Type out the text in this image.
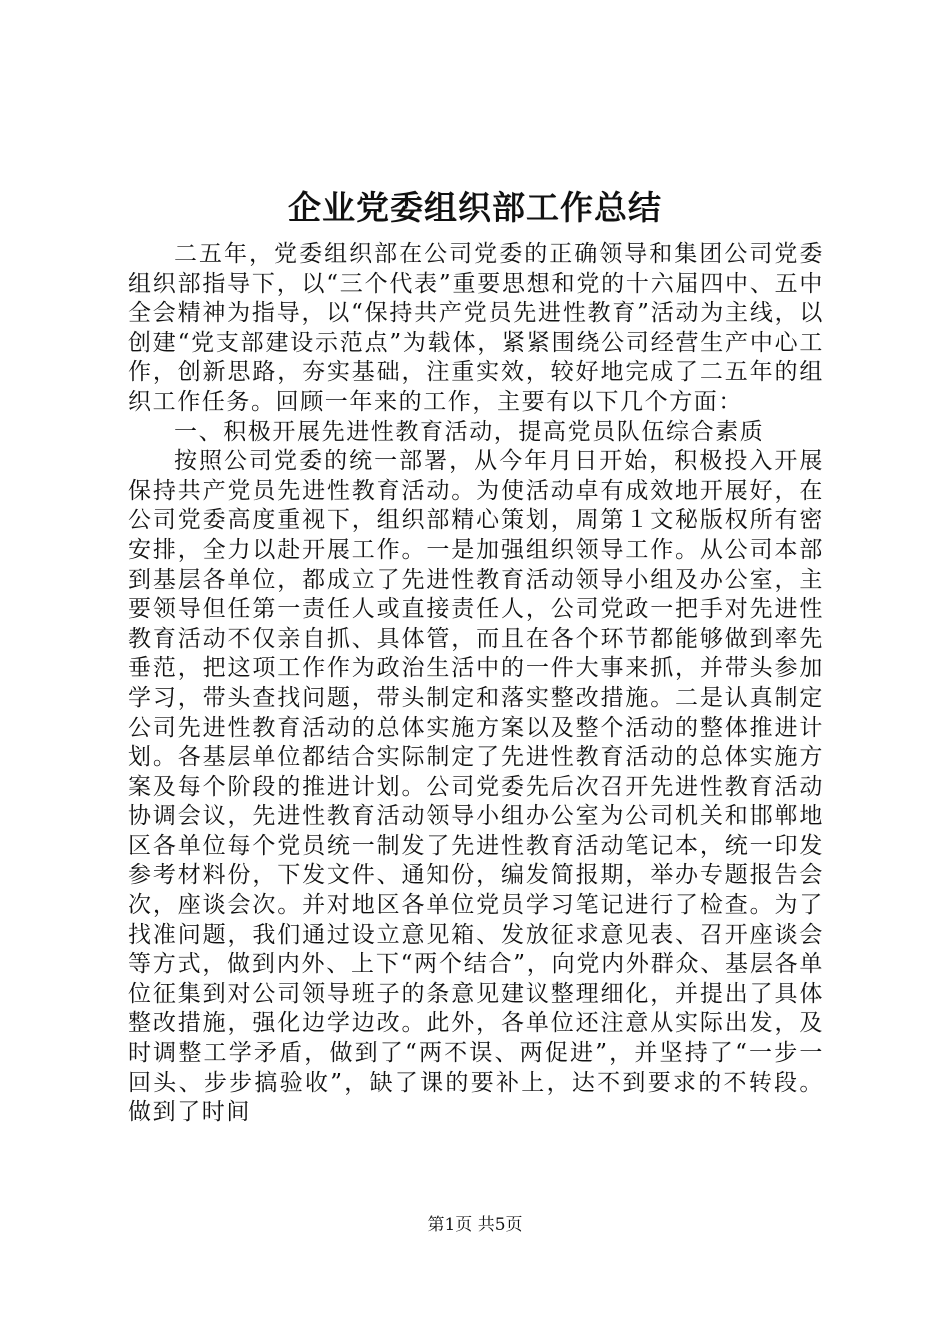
企业党委组织部工作总结

二五年，党委组织部在公司党委的正确领导和集团公司党委组织部指导下，以“三个代表”重要思想和党的十六届四中、五中全会精神为指导，以“保持共产党员先进性教育”活动为主线，以创建“党支部建设示范点”为载体，紧紧围绕公司经营生产中心工作，创新思路，夯实基础，注重实效，较好地完成了二五年的组织工作任务。回顾一年来的工作，主要有以下几个方面：

一、积极开展先进性教育活动，提高党员队伍综合素质

按照公司党委的统一部署，从今年月日开始，积极投入开展保持共产党员先进性教育活动。为使活动卓有成效地开展好，在公司党委高度重视下，组织部精心策划，周第１文秘版权所有密安排，全力以赴开展工作。一是加强组织领导工作。从公司本部到基层各单位，都成立了先进性教育活动领导小组及办公室，主要领导但任第一责任人或直接责任人，公司党政一把手对先进性教育活动不仅亲自抓、具体管，而且在各个环节都能够做到率先垂范，把这项工作作为政治生活中的一件大事来抓，并带头参加学习，带头查找问题，带头制定和落实整改措施。二是认真制定公司先进性教育活动的总体实施方案以及整个活动的整体推进计划。各基层单位都结合实际制定了先进性教育活动的总体实施方案及每个阶段的推进计划。公司党委先后次召开先进性教育活动协调会议，先进性教育活动领导小组办公室为公司机关和邯郸地区各单位每个党员统一制发了先进性教育活动笔记本，统一印发参考材料份，下发文件、通知份，编发简报期，举办专题报告会次，座谈会次。并对地区各单位党员学习笔记进行了检查。为了找准问题，我们通过设立意见箱、发放征求意见表、召开座谈会等方式，做到内外、上下“两个结合”，向党内外群众、基层各单位征集到对公司领导班子的条意见建议整理细化，并提出了具体整改措施，强化边学边改。此外，各单位还注意从实际出发，及时调整工学矛盾，做到了“两不误、两促进”，并坚持了“一步一回头、步步搞验收”，缺了课的要补上，达不到要求的不转段。做到了时间

第1页 共5页
